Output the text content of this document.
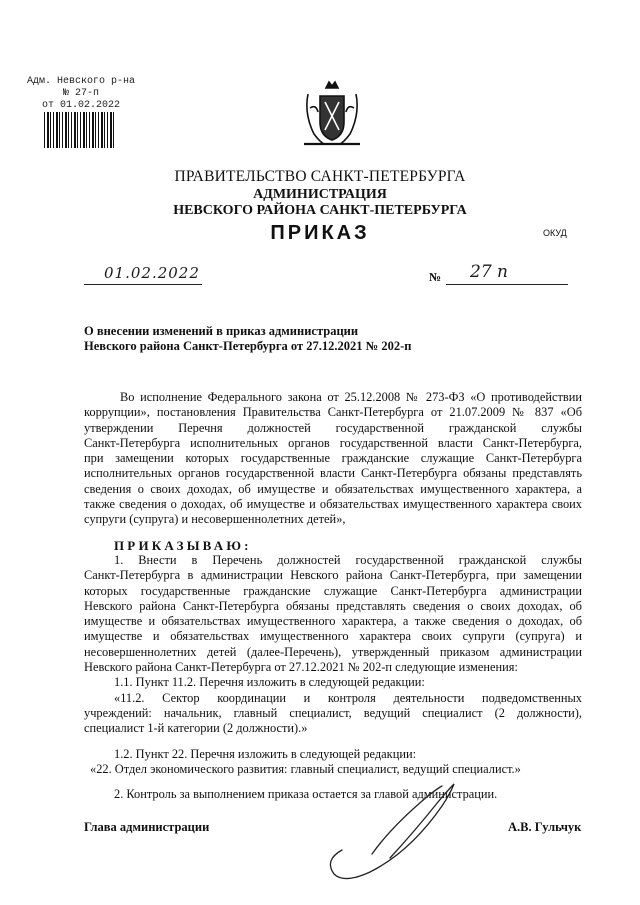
Адм. Невского р-на
№ 27-п
от 01.02.2022
ПРАВИТЕЛЬСТВО САНКТ-ПЕТЕРБУРГА
АДМИНИСТРАЦИЯ
НЕВСКОГО РАЙОНА САНКТ-ПЕТЕРБУРГА
ПРИКАЗ	ОКУД
01.02.2022	№ 27 п
О внесении изменений в приказ администрации
Невского района Санкт-Петербурга от 27.12.2021 № 202-п

Во исполнение Федерального закона от 25.12.2008 № 273-ФЗ «О противодействии

коррупции», постановления Правительства Санкт-Петербурга от 21.07.2009 № 837 «Об

утверждении Перечня должностей государственной гражданской службы

Санкт-Петербурга исполнительных органов государственной власти Санкт-Петербурга,

при замещении которых государственные гражданские служащие Санкт-Петербурга

исполнительных органов государственной власти Санкт-Петербурга обязаны представлять

сведения о своих доходах, об имуществе и обязательствах имущественного характера, а

также сведения о доходах, об имуществе и обязательствах имущественного характера своих

супруги (супруга) и несовершеннолетних детей»,

ПРИКАЗЫВАЮ:

1. Внести в Перечень должностей государственной гражданской службы

Санкт-Петербурга в администрации Невского района Санкт-Петербурга, при замещении

которых государственные гражданские служащие Санкт-Петербурга администрации

Невского района Санкт-Петербурга обязаны представлять сведения о своих доходах, об

имуществе и обязательствах имущественного характера, а также сведения о доходах, об

имуществе и обязательствах имущественного характера своих супруги (супруга) и

несовершеннолетних детей (далее-Перечень), утвержденный приказом администрации

Невского района Санкт-Петербурга от 27.12.2021 № 202-п следующие изменения:

1.1. Пункт 11.2. Перечня изложить в следующей редакции:

«11.2. Сектор координации и контроля деятельности подведомственных

учреждений: начальник, главный специалист, ведущий специалист (2 должности),

специалист 1-й категории (2 должности).»

1.2. Пункт 22. Перечня изложить в следующей редакции:

«22. Отдел экономического развития: главный специалист, ведущий специалист.»

2. Контроль за выполнением приказа остается за главой администрации.

Глава администрации	А.В. Гульчук
